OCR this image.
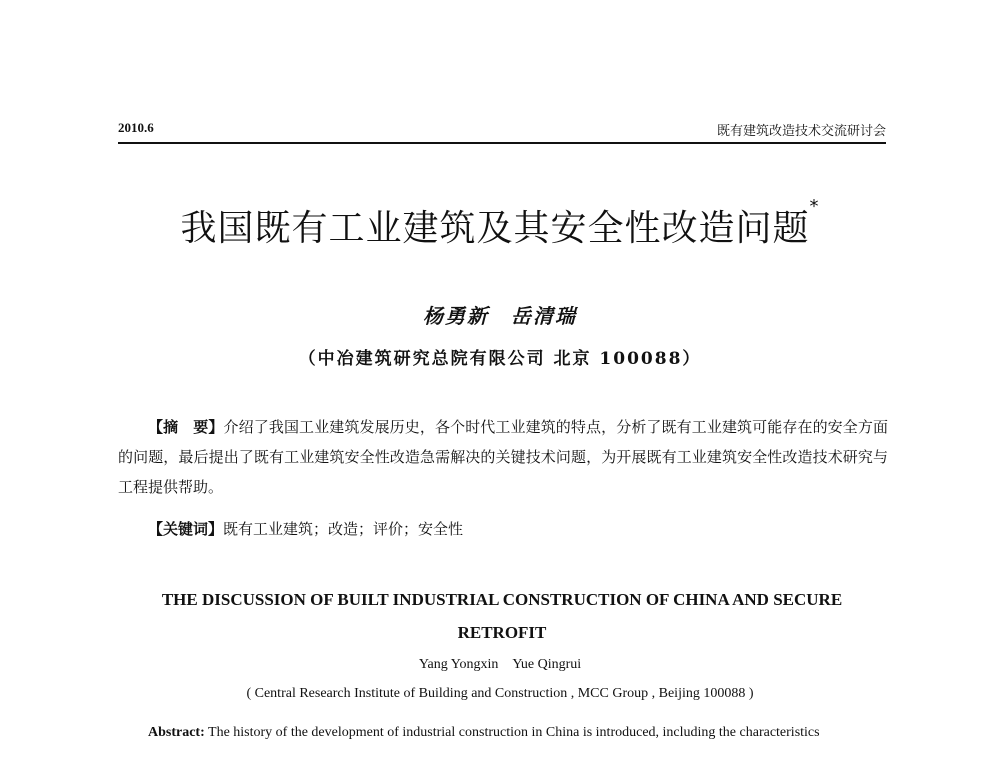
2010.6	既有建筑改造技术交流研讨会
我国既有工业建筑及其安全性改造问题*
杨勇新　岳清瑞
（中冶建筑研究总院有限公司 北京 100088）
【摘　要】介绍了我国工业建筑发展历史，各个时代工业建筑的特点，分析了既有工业建筑可能存在的安全方面的问题，最后提出了既有工业建筑安全性改造急需解决的关键技术问题，为开展既有工业建筑安全性改造技术研究与工程提供帮助。
【关键词】既有工业建筑；改造；评价；安全性
THE DISCUSSION OF BUILT INDUSTRIAL CONSTRUCTION OF CHINA AND SECURE RETROFIT
Yang Yongxin　Yue Qingrui
( Central Research Institute of Building and Construction , MCC Group , Beijing 100088 )
Abstract: The history of the development of industrial construction in China is introduced, including the characteristics
